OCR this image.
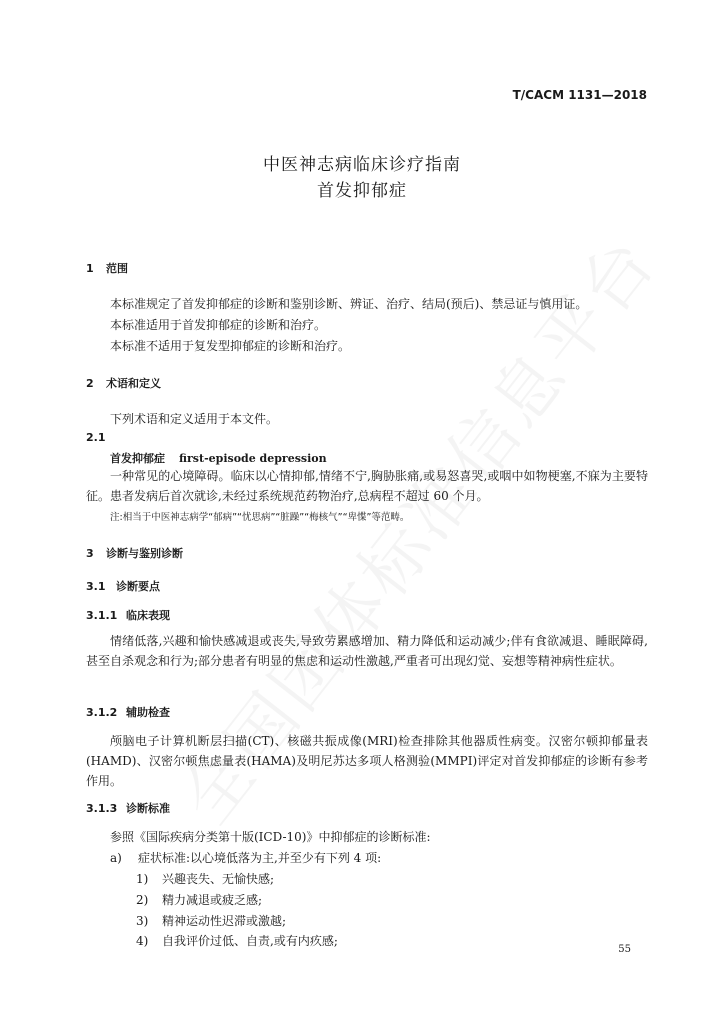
T/CACM 1131—2018
中医神志病临床诊疗指南
首发抑郁症
1 范围
本标准规定了首发抑郁症的诊断和鉴别诊断、辨证、治疗、结局(预后)、禁忌证与慎用证。
本标准适用于首发抑郁症的诊断和治疗。
本标准不适用于复发型抑郁症的诊断和治疗。
2 术语和定义
下列术语和定义适用于本文件。
2.1
首发抑郁症 first-episode depression
一种常见的心境障碍。临床以心情抑郁,情绪不宁,胸胁胀痛,或易怒喜哭,或咽中如物梗塞,不寐为主要特征。患者发病后首次就诊,未经过系统规范药物治疗,总病程不超过 60 个月。
注:相当于中医神志病学“郁病”“忧思病”“脏躁”“梅核气”“卑惵”等范畴。
3 诊断与鉴别诊断
3.1 诊断要点
3.1.1 临床表现
情绪低落,兴趣和愉快感减退或丧失,导致劳累感增加、精力降低和运动减少;伴有食欲减退、睡眠障碍,甚至自杀观念和行为;部分患者有明显的焦虑和运动性激越,严重者可出现幻觉、妄想等精神病性症状。
3.1.2 辅助检查
颅脑电子计算机断层扫描(CT)、核磁共振成像(MRI)检查排除其他器质性病变。汉密尔顿抑郁量表(HAMD)、汉密尔顿焦虑量表(HAMA)及明尼苏达多项人格测验(MMPI)评定对首发抑郁症的诊断有参考作用。
3.1.3 诊断标准
参照《国际疾病分类第十版(ICD-10)》中抑郁症的诊断标准:
a) 症状标准:以心境低落为主,并至少有下列 4 项:
1) 兴趣丧失、无愉快感;
2) 精力减退或疲乏感;
3) 精神运动性迟滞或激越;
4) 自我评价过低、自责,或有内疚感;
55
